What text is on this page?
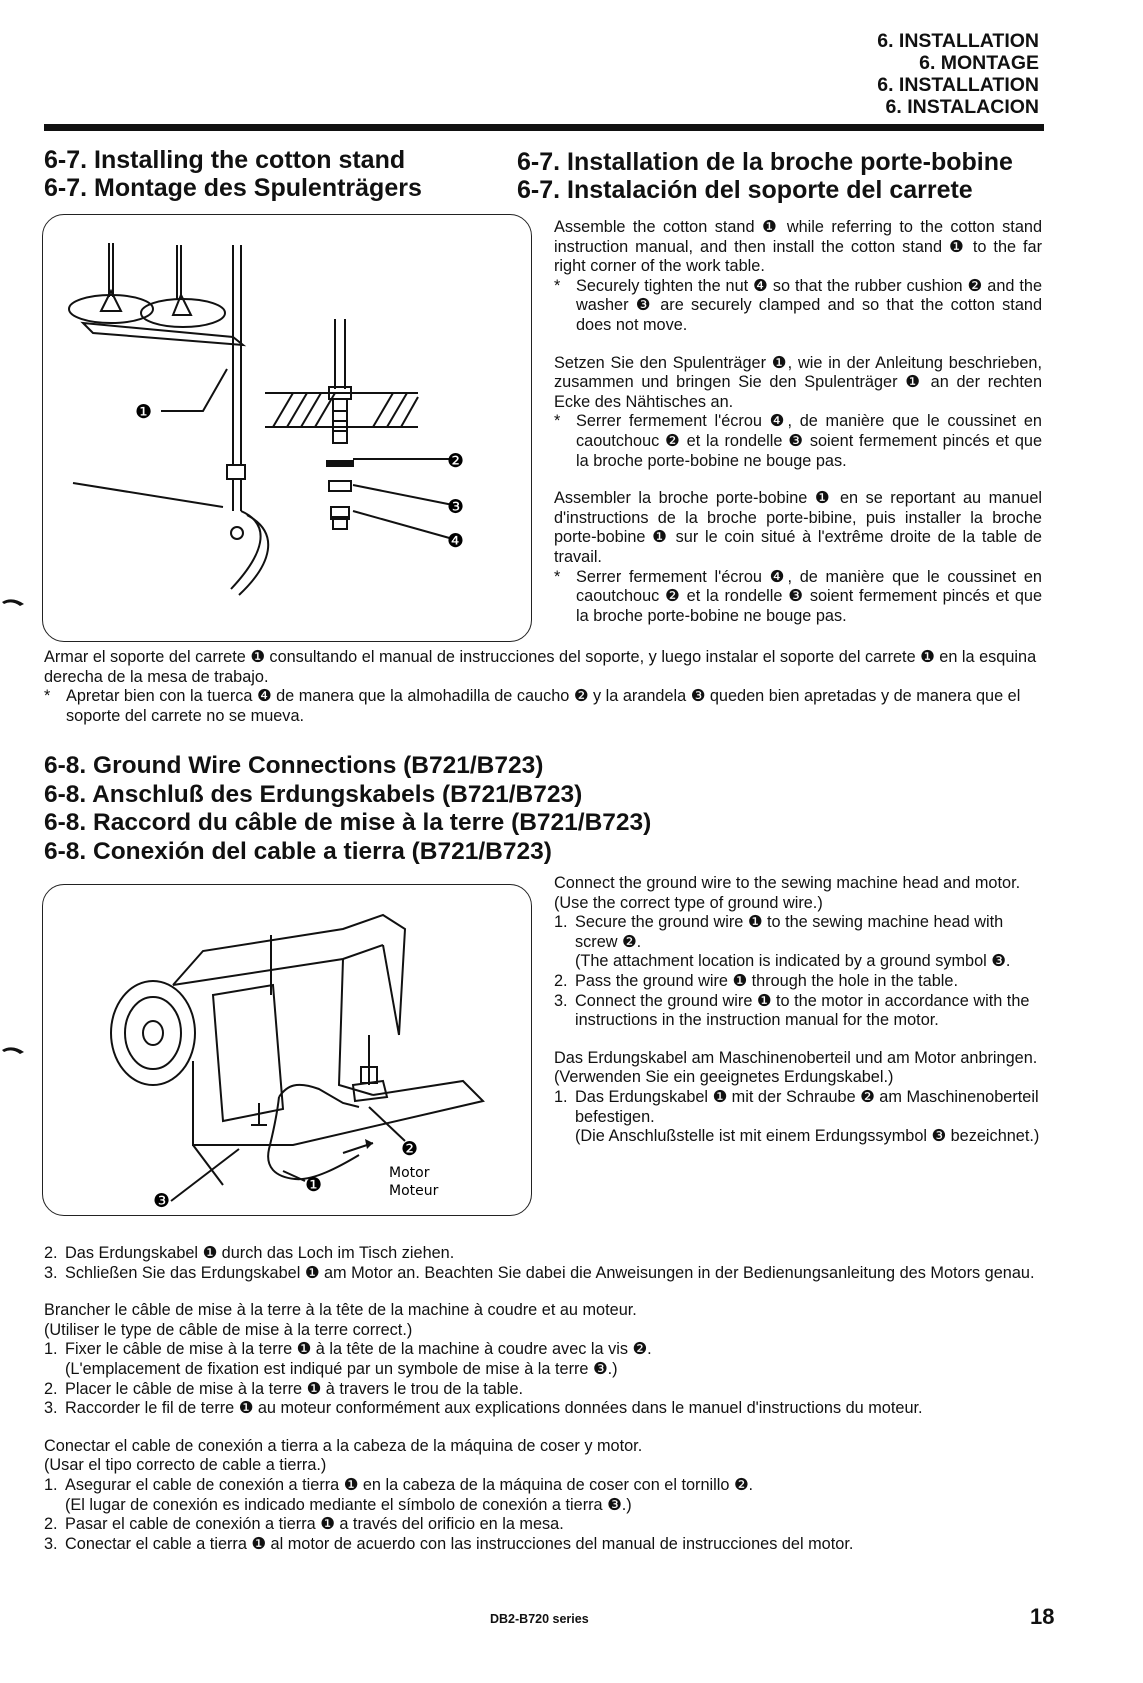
6. INSTALLATION
6. MONTAGE
6. INSTALLATION
6. INSTALACION
6-7. Installing the cotton stand
6-7. Montage des Spulenträgers
6-7. Installation de la broche porte-bobine
6-7. Instalación del soporte del carrete
❶
❷
❸
❹

Assemble the cotton stand ❶ while referring to the cotton stand instruction manual, and then install the cotton stand ❶ to the far right corner of the work table.

* Securely tighten the nut ❹ so that the rubber cushion ❷ and the washer ❸ are securely clamped and so that the cotton stand does not move.

Setzen Sie den Spulenträger ❶, wie in der Anleitung beschrieben, zusammen und bringen Sie den Spulenträger ❶ an der rechten Ecke des Nähtisches an.

* Serrer fermement l'écrou ❹, de manière que le coussinet en caoutchouc ❷ et la rondelle ❸ soient fermement pincés et que la broche porte-bobine ne bouge pas.

Assembler la broche porte-bobine ❶ en se reportant au manuel d'instructions de la broche porte-bibine, puis installer la broche porte-bobine ❶ sur le coin situé à l'extrême droite de la table de travail.

* Serrer fermement l'écrou ❹, de manière que le coussinet en caoutchouc ❷ et la rondelle ❸ soient fermement pincés et que la broche porte-bobine ne bouge pas.

Armar el soporte del carrete ❶ consultando el manual de instrucciones del soporte, y luego instalar el soporte del carrete ❶ en la esquina derecha de la mesa de trabajo.

* Apretar bien con la tuerca ❹ de manera que la almohadilla de caucho ❷ y la arandela ❸ queden bien apretadas y de manera que el soporte del carrete no se mueva.
6-8. Ground Wire Connections (B721/B723)
6-8. Anschluß des Erdungskabels (B721/B723)
6-8. Raccord du câble de mise à la terre (B721/B723)
6-8. Conexión del cable a tierra (B721/B723)
❶
❷
❸
Motor
Moteur

Connect the ground wire to the sewing machine head and motor.

(Use the correct type of ground wire.)

1. Secure the ground wire ❶ to the sewing machine head with screw ❷.
(The attachment location is indicated by a ground symbol ❸.
2. Pass the ground wire ❶ through the hole in the table.
3. Connect the ground wire ❶ to the motor in accordance with the instructions in the instruction manual for the motor.

Das Erdungskabel am Maschinenoberteil und am Motor anbringen.

(Verwenden Sie ein geeignetes Erdungskabel.)

1. Das Erdungskabel ❶ mit der Schraube ❷ am Maschinenoberteil befestigen.
(Die Anschlußstelle ist mit einem Erdungssymbol ❸ bezeichnet.)
2. Das Erdungskabel ❶ durch das Loch im Tisch ziehen.
3. Schließen Sie das Erdungskabel ❶ am Motor an. Beachten Sie dabei die Anweisungen in der Bedienungsanleitung des Motors genau.

Brancher le câble de mise à la terre à la tête de la machine à coudre et au moteur.

(Utiliser le type de câble de mise à la terre correct.)

1. Fixer le câble de mise à la terre ❶ à la tête de la machine à coudre avec la vis ❷.
(L'emplacement de fixation est indiqué par un symbole de mise à la terre ❸.)
2. Placer le câble de mise à la terre ❶ à travers le trou de la table.
3. Raccorder le fil de terre ❶ au moteur conformément aux explications données dans le manuel d'instructions du moteur.

Conectar el cable de conexión a tierra a la cabeza de la máquina de coser y motor.

(Usar el tipo correcto de cable a tierra.)

1. Asegurar el cable de conexión a tierra ❶ en la cabeza de la máquina de coser con el tornillo ❷.
(El lugar de conexión es indicado mediante el símbolo de conexión a tierra ❸.)
2. Pasar el cable de conexión a tierra ❶ a través del orificio en la mesa.
3. Conectar el cable a tierra ❶ al motor de acuerdo con las instrucciones del manual de instrucciones del motor.
DB2-B720 series	18
